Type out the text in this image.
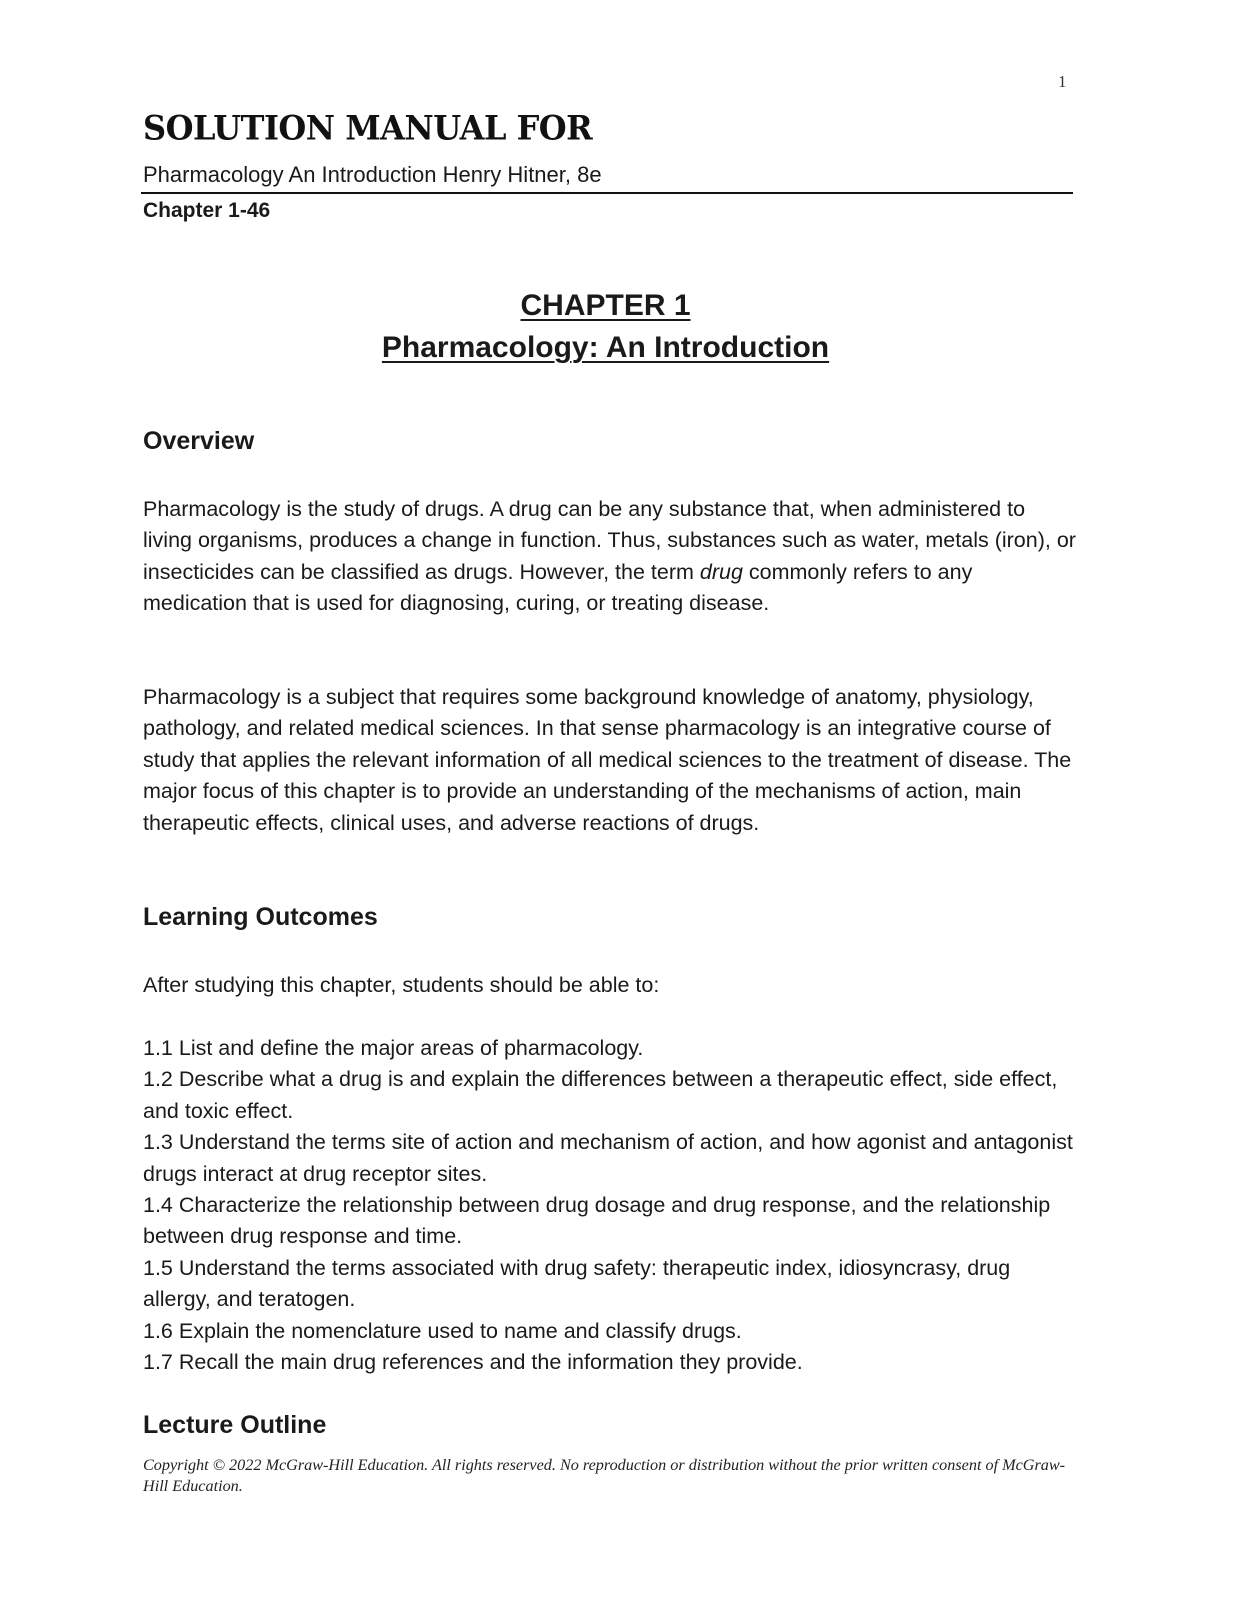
1
SOLUTION MANUAL FOR
Pharmacology An Introduction Henry Hitner, 8e
Chapter 1-46
CHAPTER 1
Pharmacology: An Introduction
Overview

Pharmacology is the study of drugs. A drug can be any substance that, when administered to living organisms, produces a change in function. Thus, substances such as water, metals (iron), or insecticides can be classified as drugs. However, the term drug commonly refers to any medication that is used for diagnosing, curing, or treating disease.

Pharmacology is a subject that requires some background knowledge of anatomy, physiology, pathology, and related medical sciences. In that sense pharmacology is an integrative course of study that applies the relevant information of all medical sciences to the treatment of disease. The major focus of this chapter is to provide an understanding of the mechanisms of action, main therapeutic effects, clinical uses, and adverse reactions of drugs.

Learning Outcomes
After studying this chapter, students should be able to:
1.1 List and define the major areas of pharmacology.
1.2 Describe what a drug is and explain the differences between a therapeutic effect, side effect, and toxic effect.
1.3 Understand the terms site of action and mechanism of action, and how agonist and antagonist drugs interact at drug receptor sites.
1.4 Characterize the relationship between drug dosage and drug response, and the relationship between drug response and time.
1.5 Understand the terms associated with drug safety: therapeutic index, idiosyncrasy, drug allergy, and teratogen.
1.6 Explain the nomenclature used to name and classify drugs.
1.7 Recall the main drug references and the information they provide.
Lecture Outline
Copyright © 2022 McGraw-Hill Education. All rights reserved. No reproduction or distribution without the prior written consent of McGraw-Hill Education.
